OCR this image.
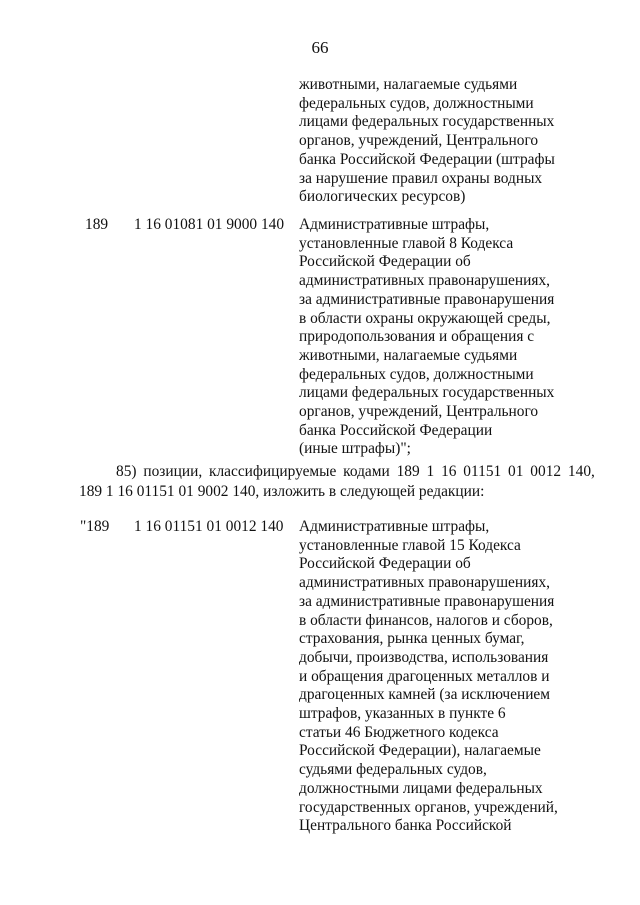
66
животными, налагаемые судьями
федеральных судов, должностными
лицами федеральных государственных
органов, учреждений, Центрального
банка Российской Федерации (штрафы
за нарушение правил охраны водных
биологических ресурсов)
189 1 16 01081 01 9000 140 Административные штрафы,
установленные главой 8 Кодекса
Российской Федерации об
административных правонарушениях,
за административные правонарушения
в области охраны окружающей среды,
природопользования и обращения с
животными, налагаемые судьями
федеральных судов, должностными
лицами федеральных государственных
органов, учреждений, Центрального
банка Российской Федерации
(иные штрафы)";
85) позиции, классифицируемые кодами 189 1 16 01151 01 0012 140,
189 1 16 01151 01 9002 140, изложить в следующей редакции:
"189 1 16 01151 01 0012 140 Административные штрафы,
установленные главой 15 Кодекса
Российской Федерации об
административных правонарушениях,
за административные правонарушения
в области финансов, налогов и сборов,
страхования, рынка ценных бумаг,
добычи, производства, использования
и обращения драгоценных металлов и
драгоценных камней (за исключением
штрафов, указанных в пункте 6
статьи 46 Бюджетного кодекса
Российской Федерации), налагаемые
судьями федеральных судов,
должностными лицами федеральных
государственных органов, учреждений,
Центрального банка Российской
